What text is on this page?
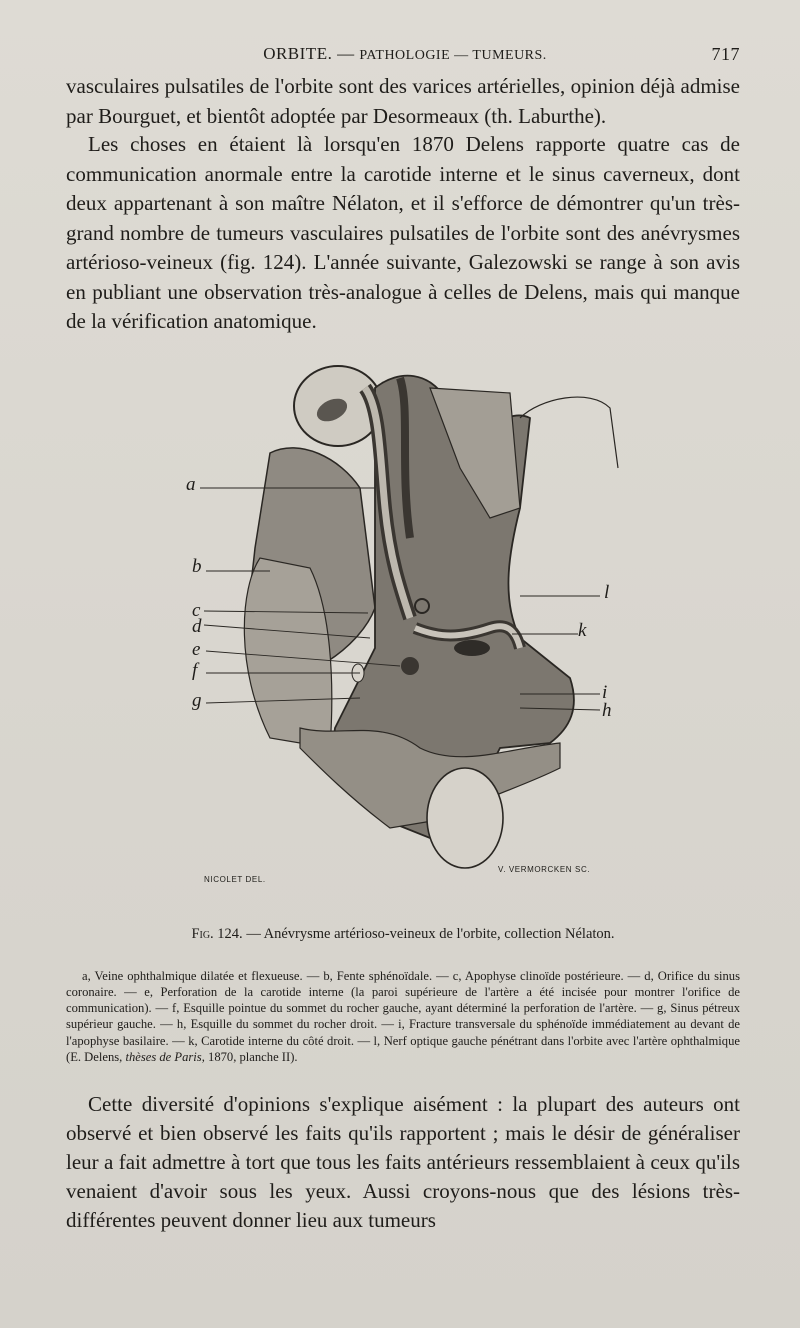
ORBITE. — PATHOLOGIE — TUMEURS.	717

vasculaires pulsatiles de l'orbite sont des varices artérielles, opinion déjà admise par Bourguet, et bientôt adoptée par Desormeaux (th. Laburthe).

Les choses en étaient là lorsqu'en 1870 Delens rapporte quatre cas de communication anormale entre la carotide interne et le sinus caverneux, dont deux appartenant à son maître Nélaton, et il s'efforce de démontrer qu'un très-grand nombre de tumeurs vasculaires pulsatiles de l'orbite sont des anévrysmes artérioso-veineux (fig. 124). L'année suivante, Galezowski se range à son avis en publiant une observation très-analogue à celles de Delens, mais qui manque de la vérification anatomique.

a
b
c
d
e
f
g
l
k
i
h
NICOLET DEL.
V. VERMORCKEN SC.
Fig. 124. — Anévrysme artérioso-veineux de l'orbite, collection Nélaton.

a, Veine ophthalmique dilatée et flexueuse. — b, Fente sphénoïdale. — c, Apophyse clinoïde postérieure. — d, Orifice du sinus coronaire. — e, Perforation de la carotide interne (la paroi supérieure de l'artère a été incisée pour montrer l'orifice de communication). — f, Esquille pointue du sommet du rocher gauche, ayant déterminé la perforation de l'artère. — g, Sinus pétreux supérieur gauche. — h, Esquille du sommet du rocher droit. — i, Fracture transversale du sphénoïde immédiatement au devant de l'apophyse basilaire. — k, Carotide interne du côté droit. — l, Nerf optique gauche pénétrant dans l'orbite avec l'artère ophthalmique (E. Delens, thèses de Paris, 1870, planche II).

Cette diversité d'opinions s'explique aisément : la plupart des auteurs ont observé et bien observé les faits qu'ils rapportent ; mais le désir de généraliser leur a fait admettre à tort que tous les faits antérieurs ressemblaient à ceux qu'ils venaient d'avoir sous les yeux. Aussi croyons-nous que des lésions très-différentes peuvent donner lieu aux tumeurs
